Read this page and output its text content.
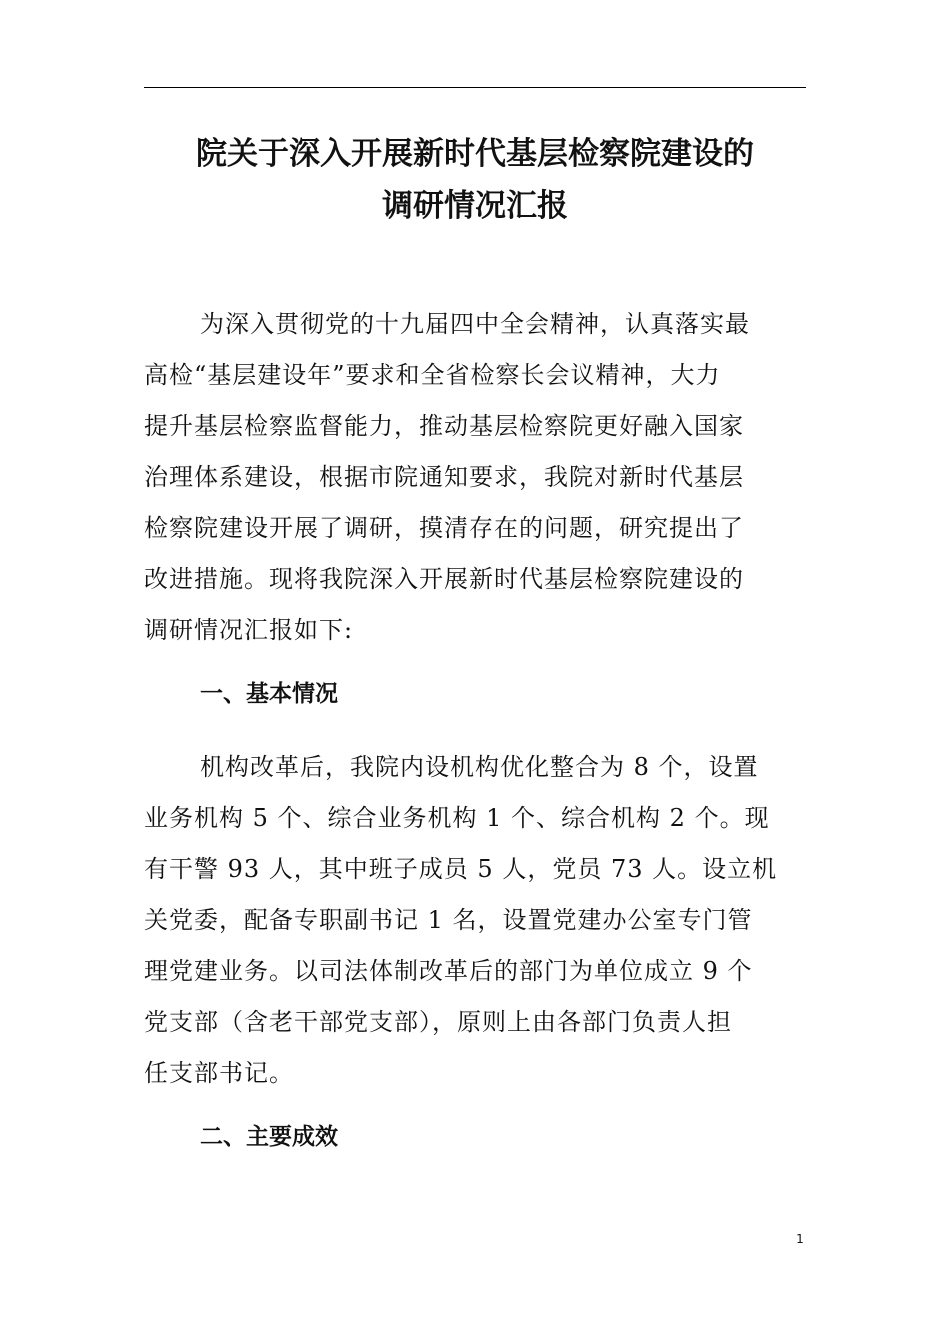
院关于深入开展新时代基层检察院建设的
调研情况汇报
为深入贯彻党的十九届四中全会精神，认真落实最
高检“基层建设年”要求和全省检察长会议精神，大力
提升基层检察监督能力，推动基层检察院更好融入国家
治理体系建设，根据市院通知要求，我院对新时代基层
检察院建设开展了调研，摸清存在的问题，研究提出了
改进措施。现将我院深入开展新时代基层检察院建设的
调研情况汇报如下:
一、基本情况
机构改革后，我院内设机构优化整合为 8 个，设置
业务机构 5 个、综合业务机构 1 个、综合机构 2 个。现
有干警 93 人，其中班子成员 5 人，党员 73 人。设立机
关党委，配备专职副书记 1 名，设置党建办公室专门管
理党建业务。以司法体制改革后的部门为单位成立 9 个
党支部（含老干部党支部），原则上由各部门负责人担
任支部书记。
二、主要成效
1
